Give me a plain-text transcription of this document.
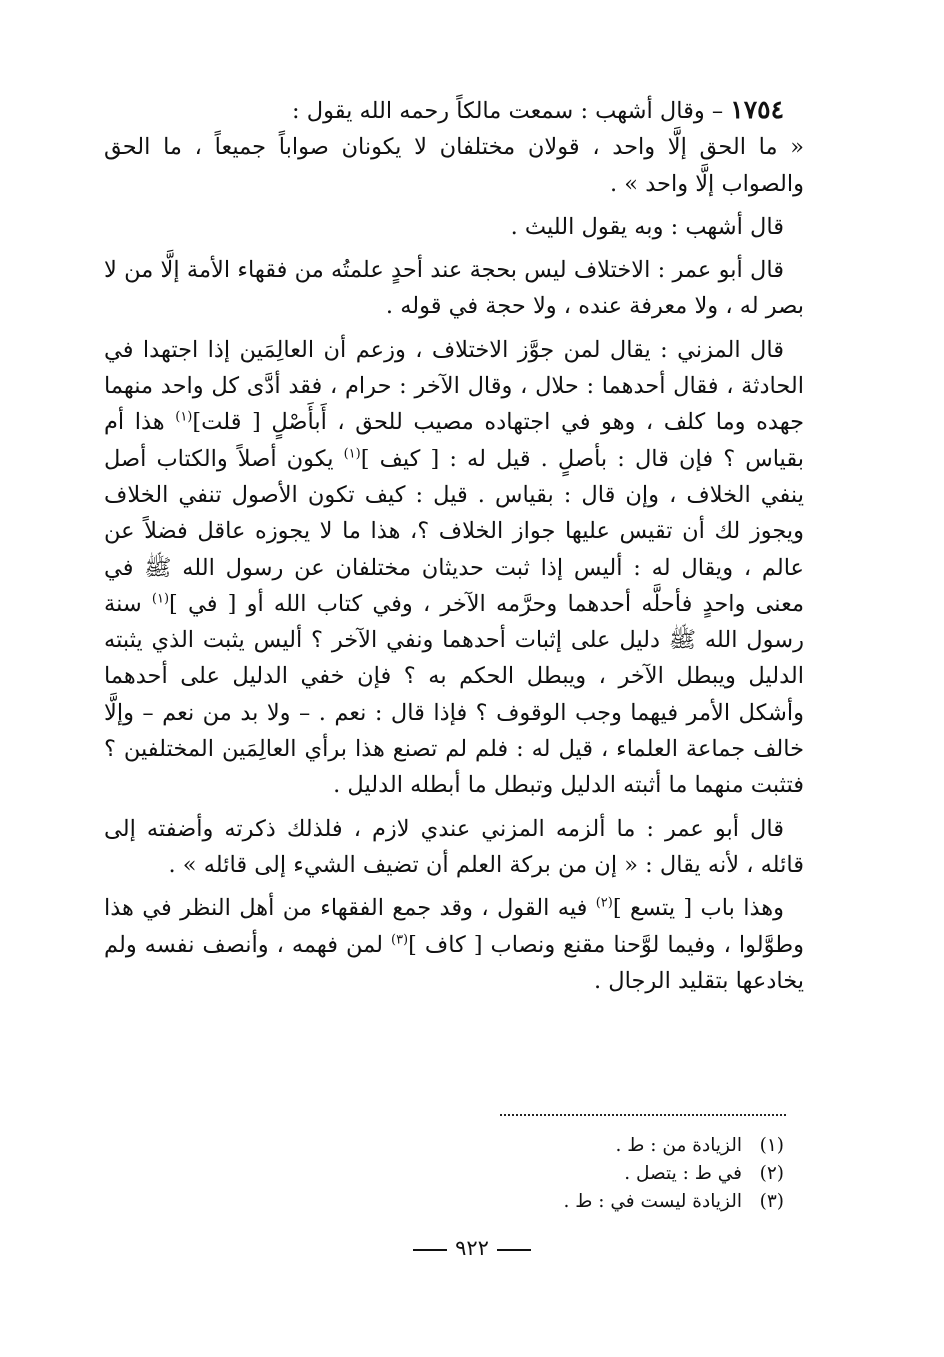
١٧٥٤ – وقال أشهب : سمعت مالكاً رحمه الله يقول :

« ما الحق إلَّا واحد ، قولان مختلفان لا يكونان صواباً جميعاً ، ما الحق والصواب إلَّا واحد » .

قال أشهب : وبه يقول الليث .

قال أبو عمر : الاختلاف ليس بحجة عند أحدٍ علمتُه من فقهاء الأمة إلَّا من لا بصر له ، ولا معرفة عنده ، ولا حجة في قوله .

قال المزني : يقال لمن جوَّز الاختلاف ، وزعم أن العالِمَين إذا اجتهدا في الحادثة ، فقال أحدهما : حلال ، وقال الآخر : حرام ، فقد أدَّى كل واحد منهما جهده وما كلف ، وهو في اجتهاده مصيب للحق ، أَبأَصْلٍ [ قلت]$^{(١)}$ هذا أم بقياس ؟ فإن قال : بأصلٍ . قيل له : [ كيف ]$^{(١)}$ يكون أصلاً والكتاب أصل ينفي الخلاف ، وإن قال : بقياس . قيل : كيف تكون الأصول تنفي الخلاف ويجوز لك أن تقيس عليها جواز الخلاف ؟، هذا ما لا يجوزه عاقل فضلاً عن عالم ، ويقال له : أليس إذا ثبت حديثان مختلفان عن رسول الله ﷺ في معنى واحدٍ فأحلَّه أحدهما وحرَّمه الآخر ، وفي كتاب الله أو [ في ]$^{(١)}$ سنة رسول الله ﷺ دليل على إثبات أحدهما ونفي الآخر ؟ أليس يثبت الذي يثبته الدليل ويبطل الآخر ، ويبطل الحكم به ؟ فإن خفي الدليل على أحدهما وأشكل الأمر فيهما وجب الوقوف ؟ فإذا قال : نعم . – ولا بد من نعم – وإلَّا خالف جماعة العلماء ، قيل له : فلم لم تصنع هذا برأي العالِمَين المختلفين ؟ فتثبت منهما ما أثبته الدليل وتبطل ما أبطله الدليل .

قال أبو عمر : ما ألزمه المزني عندي لازم ، فلذلك ذكرته وأضفته إلى قائله ، لأنه يقال : « إن من بركة العلم أن تضيف الشيء إلى قائله » .

وهذا باب [ يتسع ]$^{(٢)}$ فيه القول ، وقد جمع الفقهاء من أهل النظر في هذا وطوَّلوا ، وفيما لوَّحنا مقنع ونصاب [ كاف ]$^{(٣)}$ لمن فهمه ، وأنصف نفسه ولم يخادعها بتقليد الرجال .

(١)
الزيادة من : ط .
(٢)
في ط : يتصل .
(٣)
الزيادة ليست في : ط .
٩٢٢
